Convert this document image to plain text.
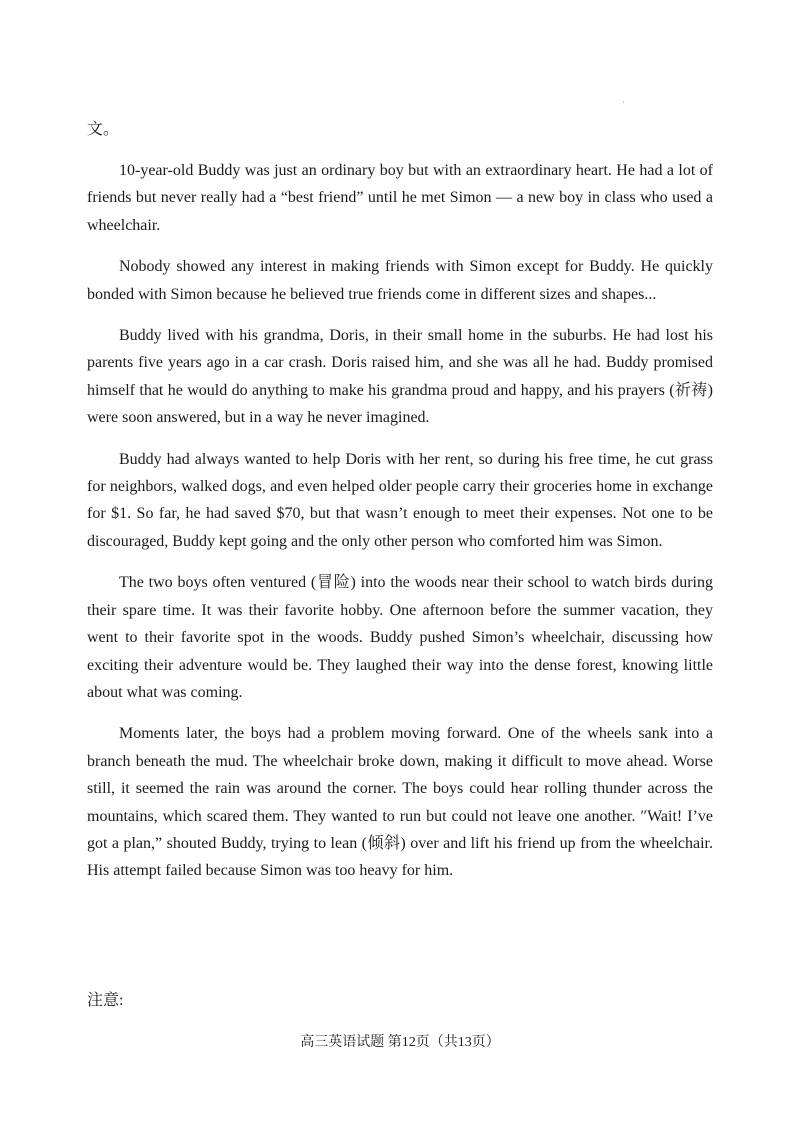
'
文。

10-year-old Buddy was just an ordinary boy but with an extraordinary heart. He had a lot of friends but never really had a “best friend” until he met Simon — a new boy in class who used a wheelchair.

Nobody showed any interest in making friends with Simon except for Buddy. He quickly bonded with Simon because he believed true friends come in different sizes and shapes...

Buddy lived with his grandma, Doris, in their small home in the suburbs. He had lost his parents five years ago in a car crash. Doris raised him, and she was all he had. Buddy promised himself that he would do anything to make his grandma proud and happy, and his prayers (祈祷) were soon answered, but in a way he never imagined.

Buddy had always wanted to help Doris with her rent, so during his free time, he cut grass for neighbors, walked dogs, and even helped older people carry their groceries home in exchange for $1. So far, he had saved $70, but that wasn’t enough to meet their expenses. Not one to be discouraged, Buddy kept going and the only other person who comforted him was Simon.

The two boys often ventured (冒险) into the woods near their school to watch birds during their spare time. It was their favorite hobby. One afternoon before the summer vacation, they went to their favorite spot in the woods. Buddy pushed Simon’s wheelchair, discussing how exciting their adventure would be. They laughed their way into the dense forest, knowing little about what was coming.

Moments later, the boys had a problem moving forward. One of the wheels sank into a branch beneath the mud. The wheelchair broke down, making it difficult to move ahead. Worse still, it seemed the rain was around the corner. The boys could hear rolling thunder across the mountains, which scared them. They wanted to run but could not leave one another. ″Wait! I’ve got a plan,” shouted Buddy, trying to lean (倾斜) over and lift his friend up from the wheelchair. His attempt failed because Simon was too heavy for him.

注意:
高三英语试题 第12页（共13页）
